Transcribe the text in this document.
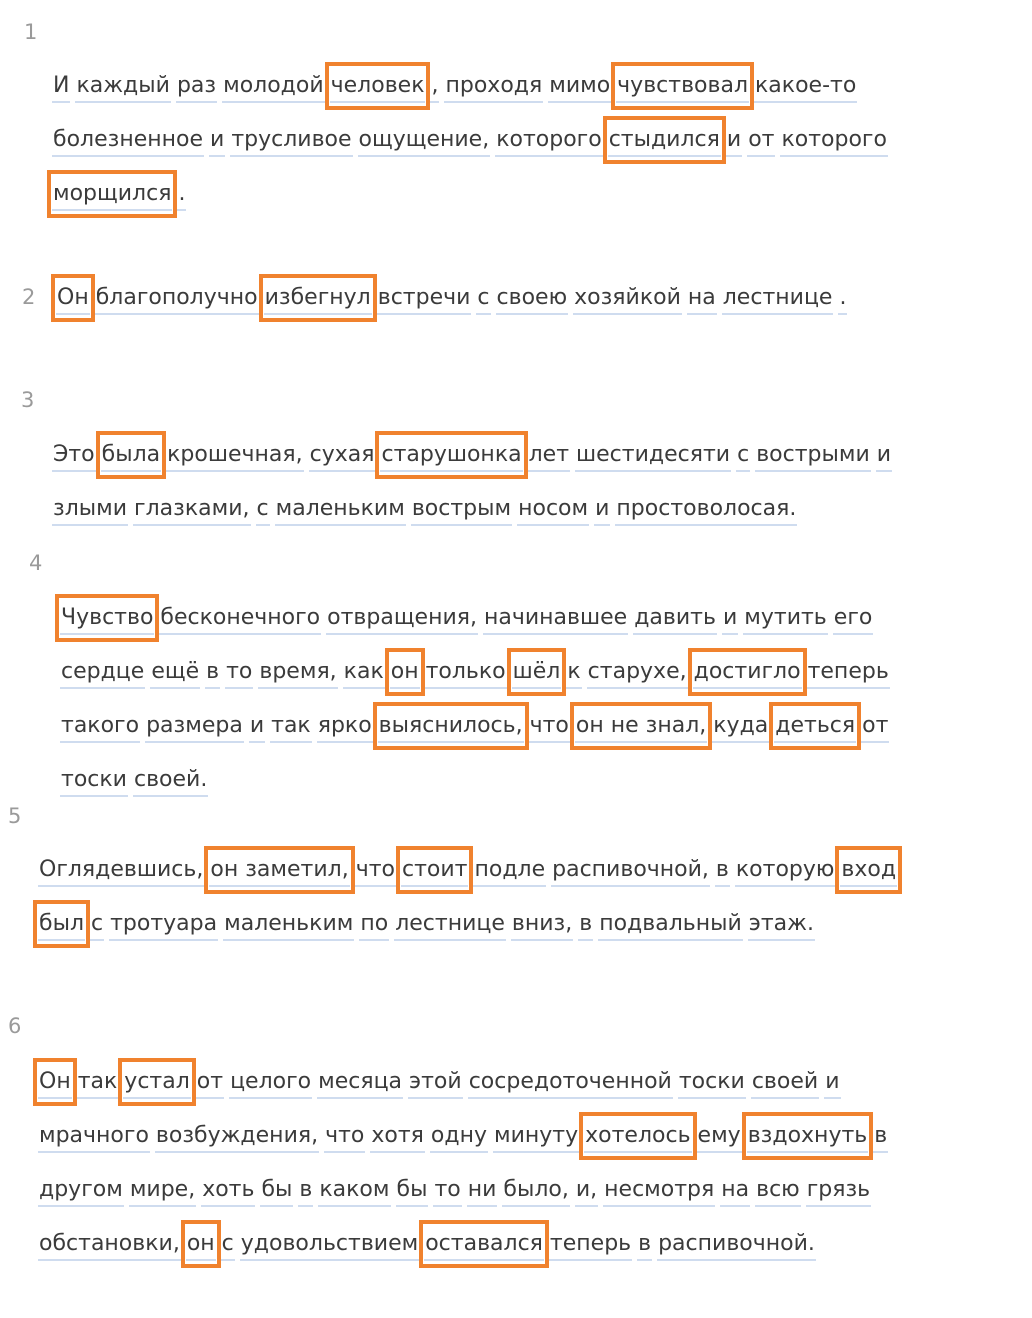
1
2
3
4
5
6
И каждый раз молодой человек , проходя мимо чувствовал какое-то
болезненное и трусливое ощущение, которого стыдился и от которого
морщился .
Он благополучно избегнул встречи с своею хозяйкой на лестнице .
Это была крошечная, сухая старушонка лет шестидесяти с вострыми и
злыми глазками, с маленьким вострым носом и простоволосая.
Чувство бесконечного отвращения, начинавшее давить и мутить его
сердце ещё в то время, как он только шёл к старухе, достигло теперь
такого размера и так ярко выяснилось, что он не знал, куда деться от
тоски своей.
Оглядевшись, он заметил, что стоит подле распивочной, в которую вход
был с тротуара маленьким по лестнице вниз, в подвальный этаж.
Он так устал от целого месяца этой сосредоточенной тоски своей и
мрачного возбуждения, что хотя одну минуту хотелось ему вздохнуть в
другом мире, хоть бы в каком бы то ни было, и, несмотря на всю грязь
обстановки, он с удовольствием оставался теперь в распивочной.
